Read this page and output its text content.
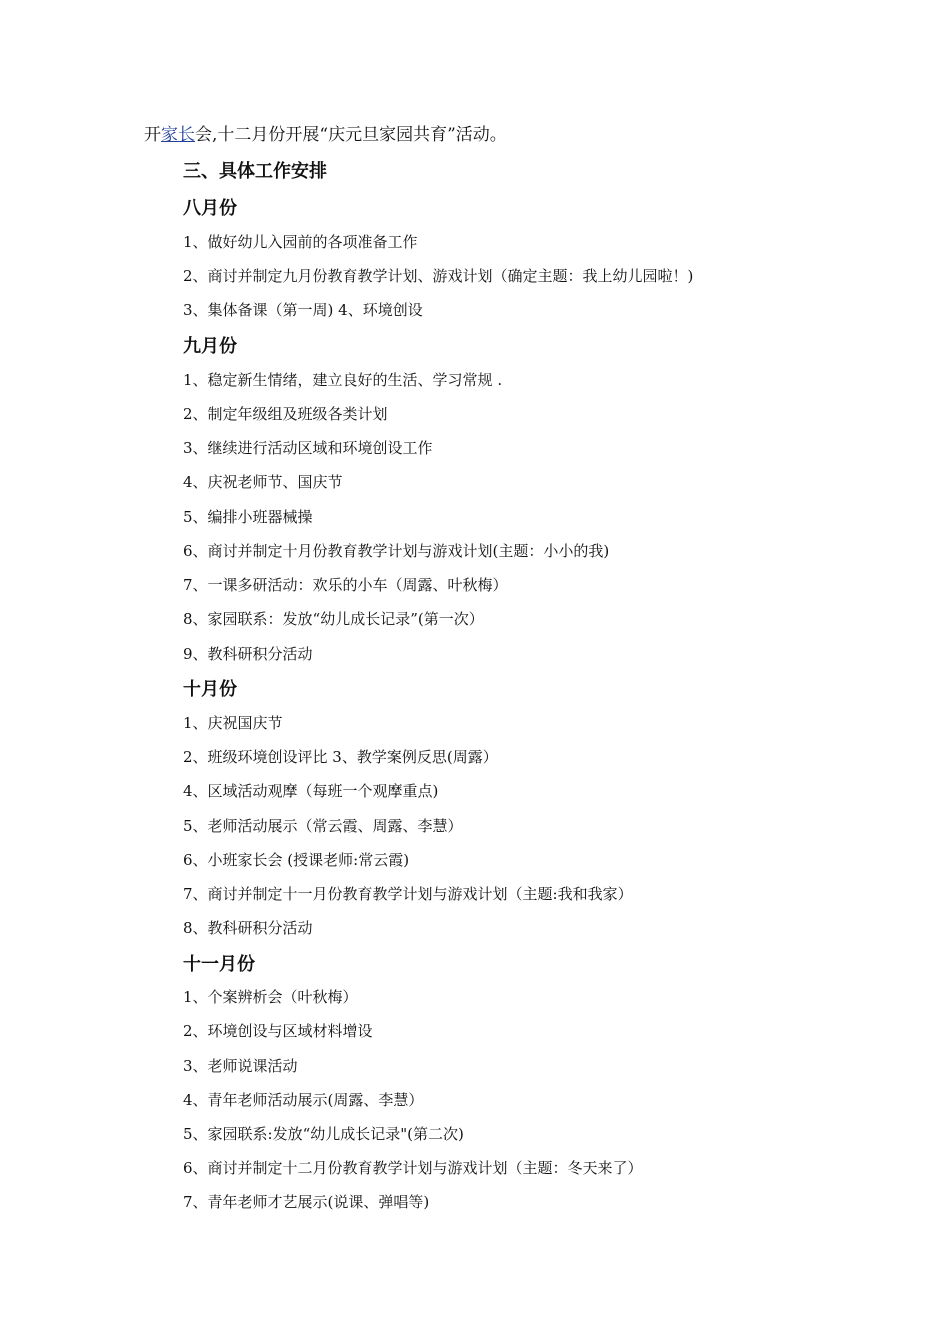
开家长会,十二月份开展“庆元旦家园共育”活动。
三、具体工作安排
八月份
1、做好幼儿入园前的各项准备工作
2、商讨并制定九月份教育教学计划、游戏计划（确定主题：我上幼儿园啦！)
3、集体备课（第一周) 4、环境创设
九月份
1、稳定新生情绪，建立良好的生活、学习常规 .
2、制定年级组及班级各类计划
3、继续进行活动区域和环境创设工作
4、庆祝老师节、国庆节
5、编排小班器械操
6、商讨并制定十月份教育教学计划与游戏计划(主题：小小的我)
7、一课多研活动：欢乐的小车（周露、叶秋梅）
8、家园联系：发放“幼儿成长记录”(第一次）
9、教科研积分活动
十月份
1、庆祝国庆节
2、班级环境创设评比 3、教学案例反思(周露）
4、区域活动观摩（每班一个观摩重点)
5、老师活动展示（常云霞、周露、李慧）
6、小班家长会 (授课老师:常云霞)
7、商讨并制定十一月份教育教学计划与游戏计划（主题:我和我家）
8、教科研积分活动
十一月份
1、个案辨析会（叶秋梅）
2、环境创设与区域材料增设
3、老师说课活动
4、青年老师活动展示(周露、李慧）
5、家园联系:发放“幼儿成长记录"(第二次)
6、商讨并制定十二月份教育教学计划与游戏计划（主题：冬天来了）
7、青年老师才艺展示(说课、弹唱等)
